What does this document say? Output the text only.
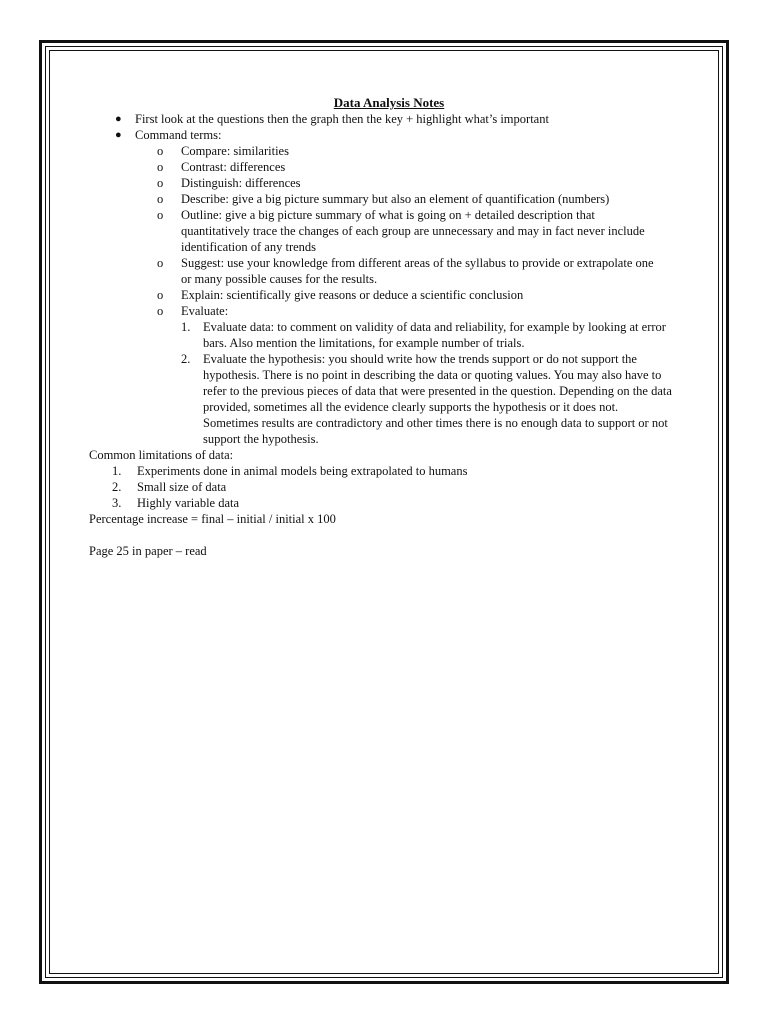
Data Analysis Notes
● First look at the questions then the graph then the key + highlight what’s important
● Command terms:
o Compare: similarities
o Contrast: differences
o Distinguish: differences
o Describe: give a big picture summary but also an element of quantification (numbers)
o Outline: give a big picture summary of what is going on + detailed description that quantitatively trace the changes of each group are unnecessary and may in fact never include identification of any trends
o Suggest: use your knowledge from different areas of the syllabus to provide or extrapolate one or many possible causes for the results.
o Explain: scientifically give reasons or deduce a scientific conclusion
o Evaluate:
1. Evaluate data: to comment on validity of data and reliability, for example by looking at error bars. Also mention the limitations, for example number of trials.
2. Evaluate the hypothesis: you should write how the trends support or do not support the hypothesis. There is no point in describing the data or quoting values. You may also have to refer to the previous pieces of data that were presented in the question. Depending on the data provided, sometimes all the evidence clearly supports the hypothesis or it does not. Sometimes results are contradictory and other times there is no enough data to support or not support the hypothesis.

Common limitations of data:

1. Experiments done in animal models being extrapolated to humans
2. Small size of data
3. Highly variable data

Percentage increase = final – initial / initial x 100

Page 25 in paper – read
